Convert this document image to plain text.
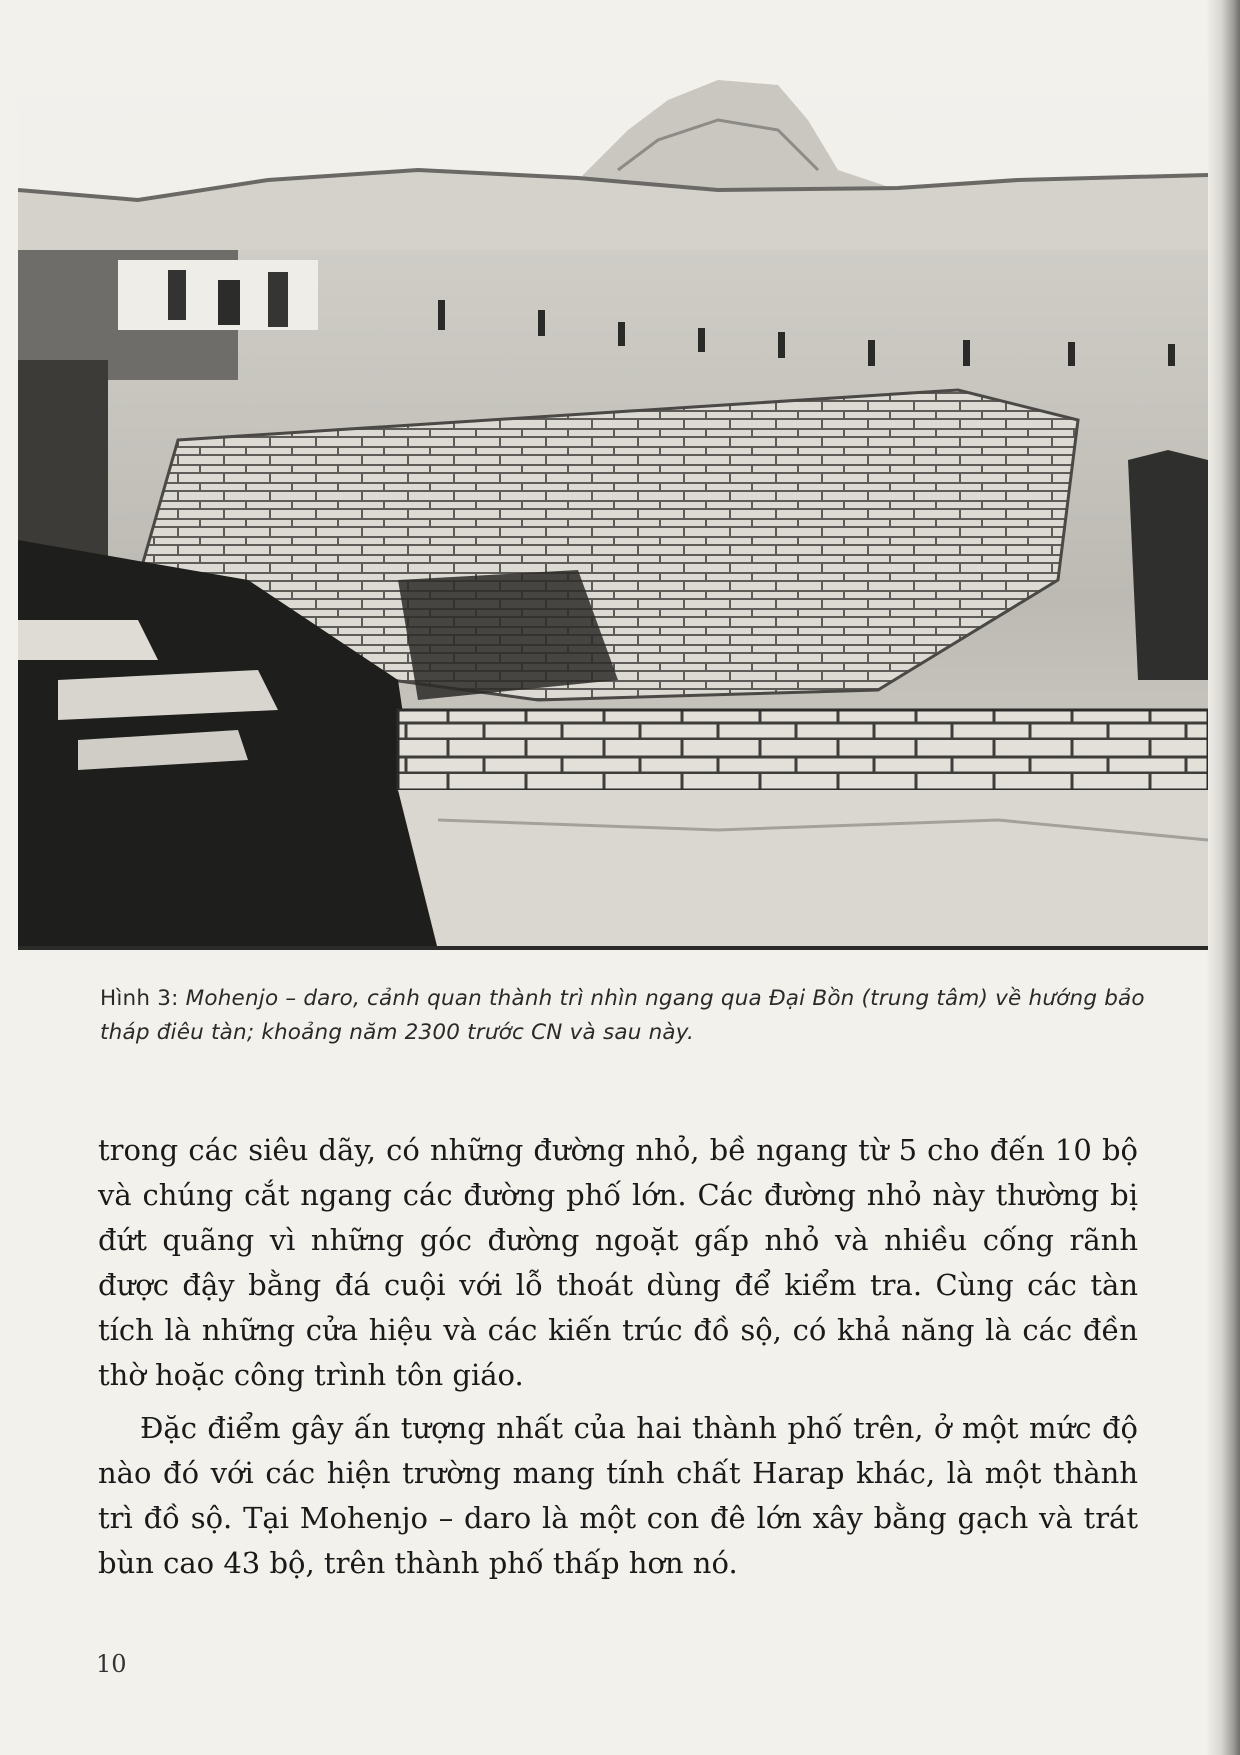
Hình 3: Mohenjo – daro, cảnh quan thành trì nhìn ngang qua Đại Bồn (trung tâm) về hướng bảo tháp điêu tàn; khoảng năm 2300 trước CN và sau này.

trong các siêu dãy, có những đường nhỏ, bề ngang từ 5 cho đến 10 bộ và chúng cắt ngang các đường phố lớn. Các đường nhỏ này thường bị đứt quãng vì những góc đường ngoặt gấp nhỏ và nhiều cống rãnh được đậy bằng đá cuội với lỗ thoát dùng để kiểm tra. Cùng các tàn tích là những cửa hiệu và các kiến trúc đồ sộ, có khả năng là các đền thờ hoặc công trình tôn giáo.

Đặc điểm gây ấn tượng nhất của hai thành phố trên, ở một mức độ nào đó với các hiện trường mang tính chất Harap khác, là một thành trì đồ sộ. Tại Mohenjo – daro là một con đê lớn xây bằng gạch và trát bùn cao 43 bộ, trên thành phố thấp hơn nó.

10
